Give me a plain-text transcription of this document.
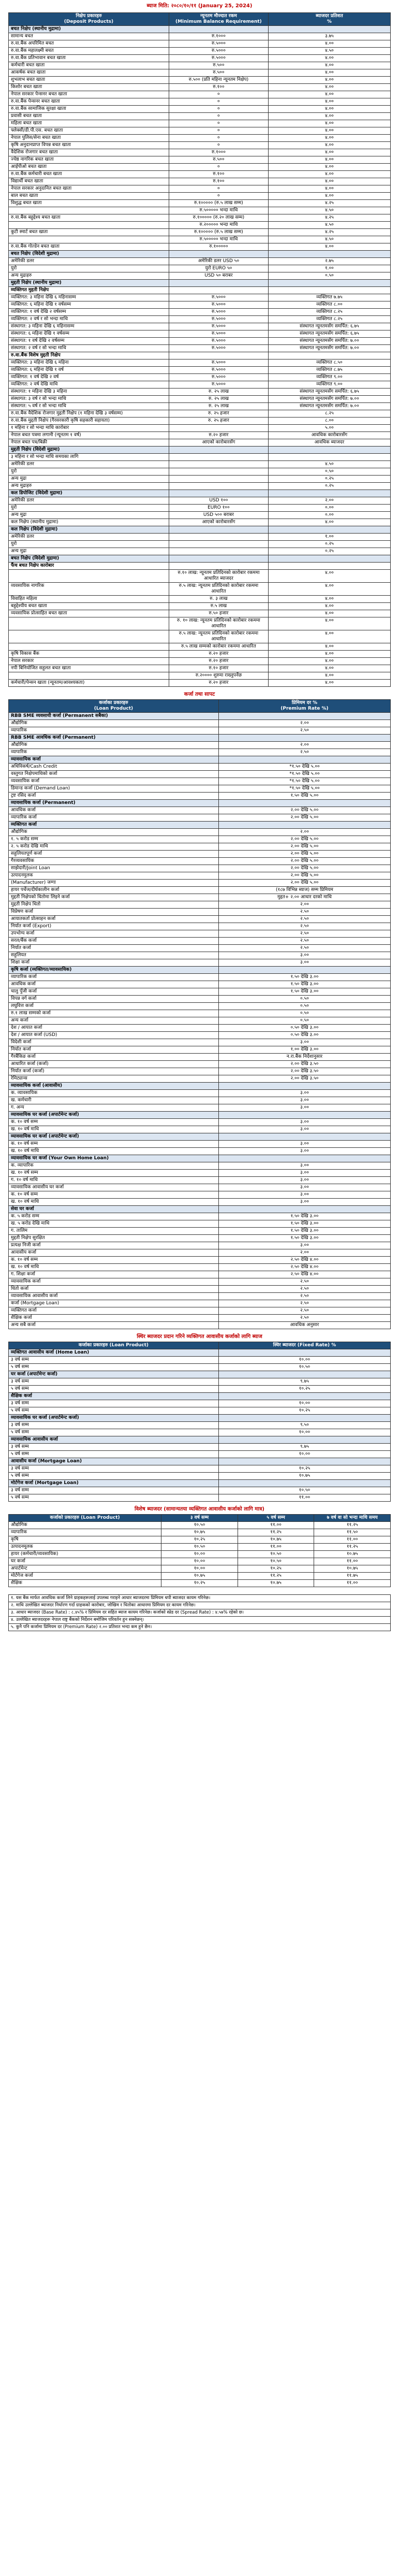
ब्याज मिति: २०८०/१०/११ (January 25, 2024)
निक्षेप प्रकारहरु
(Deposit Products)	न्यूनतम मौज्दात रकम
(Minimum Balance Requirement)	ब्याजदर प्रतिशत
%
बचत निक्षेप (स्थानीय मुद्रामा)		
सामान्य बचत	रु.१०००	३.७५
रु.वा.बैंक अपरिमित बचत	रु.५०००	४.००
रु.वा.बैंक महालक्ष्मी बचत	रु.५०००	४.५०
रु.वा.बैंक प्रतिभावान बचत खाता	रु.५०००	४.००
कर्मचारी बचत खाता	रु.५००	४.००
आकर्षक बचत खाता	रु.५००	४.००
शुभलाभ बचत खाता	रु.५०० (प्रति महिना न्यूनतम निक्षेप)	४.००
किशोर बचत खाता	रु.१००	४.००
नेपाल सरकार पेन्सनर बचत खाता	०	४.००
रु.वा.बैंक पेन्सनर बचत खाता	०	४.००
रु.वा.बैंक सामाजिक सुरक्षा खाता	०	४.००
प्रवासी बचत खाता	०	४.००
महिला बचत खाता	०	४.००
फ्लेक्सी/डी.पी.एस. बचत खाता	०	४.००
नेपाल पुलिस/सेना बचत खाता	०	४.००
कृषि अनुदानप्राप्त विपन्न बचत खाता	०	४.००
वैदेशिक रोजगार बचत खाता	रु.१०००	४.००
ज्येष्ठ नागरिक बचत खाता	रु.५००	४.००
आईपीओ बचत खाता	०	४.००
रु.वा.बैंक कर्मचारी बचत खाता	रु.१००	४.००
विद्यार्थी बचत खाता	रु.१००	४.००
नेपाल सरकार अनुदानित बचत खाता	०	४.००
बाल बचत खाता	०	४.००
विशुद्ध बचत खाता	रु.१००००० (रु.५ लाख सम्म)	४.२५
	रु.५००००० भन्दा माथि	४.५०
रु.वा.बैंक बहुद्देश्य बचत खाता	रु.१००००० (रु.२० लाख सम्म)	४.२५
	रु.२००००० भन्दा माथि	४.५०
कुटी स्मार्ट बचत खाता	रु.१००००० (रु.५ लाख सम्म)	४.२५
	रु.५००००० भन्दा माथि	४.५०
रु.वा.बैंक गोल्डेन बचत खाता	रु.१०००००	४.००
बचत निक्षेप (विदेशी मुद्रामा)		
अमेरिकी डलर	अमेरिकी डलर USD ५०	२.७५
युरो	युरो EURO ५०	१.००
अन्य मुद्राहरु	USD ५० बराबर	०.५०
मुद्दती निक्षेप (स्थानीय मुद्रामा)		
व्यक्तिगत मुद्दती निक्षेप		
व्यक्तिगत: ३ महिना देखि ६ महिनासम्म	रु.५०००	व्यक्तिगत ७.७५
व्यक्तिगत: ६ महिना देखि १ वर्षसम्म	रु.५०००	व्यक्तिगत ८.००
व्यक्तिगत: १ वर्ष देखि २ वर्षसम्म	रु.५०००	व्यक्तिगत ८.२५
व्यक्तिगत: २ वर्ष र सो भन्दा माथि	रु.५०००	व्यक्तिगत ८.२५
संस्थागत: ३ महिना देखि ६ महिनासम्म	रु.५०००	संस्थागत न्यूनतमसँग समर्पित: ६.७५
संस्थागत: ६ महिना देखि १ वर्षसम्म	रु.५०००	संस्थागत न्यूनतमसँग समर्पित: ६.७५
संस्थागत: १ वर्ष देखि २ वर्षसम्म	रु.५०००	संस्थागत न्यूनतमसँग समर्पित: ७.००
संस्थागत: २ वर्ष र सो भन्दा माथि	रु.५०००	संस्थागत न्यूनतमसँग समर्पित: ७.००
रु.वा.बैंक विशेष मुद्दती निक्षेप		
व्यक्तिगत: ३ महिना देखि ६ महिना	रु.५०००	व्यक्तिगत ८.५०
व्यक्तिगत: ६ महिना देखि १ वर्ष	रु.५०००	व्यक्तिगत ८.७५
व्यक्तिगत: १ वर्ष देखि २ वर्ष	रु.५०००	व्यक्तिगत ९.००
व्यक्तिगत: २ वर्ष देखि माथि	रु.५०००	व्यक्तिगत ९.००
संस्थागत: १ महिना देखि ३ महिना	रु. २५ लाख	संस्थागत न्यूनतमसँग समर्पित: ६.७५
संस्थागत: ३ वर्ष र सो भन्दा माथि	रु. २५ लाख	संस्थागत न्यूनतमसँग समर्पित: ७.००
संस्थागत: ५ वर्ष र सो भन्दा माथि	रु. २५ लाख	संस्थागत न्यूनतमसँग समर्पित: ७.००
रु.वा.बैंक वैदेशिक रोजगार मुद्दती निक्षेप (१ महिना देखि ३ वर्षसम्म)	रु. २५ हजार	८.२५
रु.वा.बैंक मुद्दती निक्षेप (गैरसरकारी कृषि सहकारी सहायता)	रु. २५ हजार	८.००
१ महिना र सो भन्दा माथि कारोबार		५.००
नेपाल बचत पत्रमा लगानी (न्यूनतम १ वर्ष)	रु.२० हजार	आवधिक कारोबारसँग
नेपाल बचत पत्र/बिक्री	आएको कारोबारसँग	आवधिक ब्याजदर
मुद्दती निक्षेप (विदेशी मुद्रामा)		
३ महिना र सो भन्दा माथि समयका लागि		
अमेरिकी डलर		४.५०
युरो		०.५०
अन्य मुद्रा		०.२५
अन्य मुद्राहरु		०.२५
कल डिपोजिट (विदेशी मुद्रामा)		
अमेरिकी डलर	USD १००	२.००
युरो	EURO १००	०.००
अन्य मुद्रा	USD ५०० बराबर	०.००
कल निक्षेप (स्थानीय मुद्रामा)	आएको कारोबारसँग	४.००
कल निक्षेप (विदेशी मुद्रामा)		
अमेरिकी डलर		१.००
युरो		०.२५
अन्य मुद्रा		०.२५
बचत निक्षेप (विदेशी मुद्रामा)		
फैंच बचत निक्षेप कारोबार		
	रु.१० लाख: न्यूनतम प्रतिदिनको कारोबार रकममा आधारित ब्याजदर	४.००
व्यवसायिक नागरिक	रु.५ लाख: न्यूनतम प्रतिदिनको कारोबार रकममा आधारित	४.००
विवाहित महिला	रु. ३ लाख	४.००
बहुद्देश्यीय बचत खाता	रु.५ लाख	४.००
व्यवसायिक प्रोत्साहित बचत खाता	रु.५० हजार	४.००
	रु. १० लाख: न्यूनतम प्रतिदिनको कारोबार रकममा आधारित	४.००
	रु.५ लाख: न्यूनतम प्रतिदिनको कारोबार रकममा आधारित	४.००
	रु.५ लाख सम्मको कारोबार रकममा आधारित	४.००
कृषि विकास बैंक	रु.२० हजार	४.००
नेपाल सरकार	रु.२० हजार	४.००
नपी बिनियोजित सहुलत बचत खाता	रु.१० हजार	४.००
	रु.२०००० शुरुमा राख्नुपर्नेछ	४.००
कर्मचारी/पेन्सन खाता (न्यूनतम/आवश्यकता)	रु.२० हजार	४.००
कर्जा तथा सापट
कर्जाका प्रकारहरु
(Loan Product)	प्रिमियम दर %
(Premium Rate %)
RBB SME व्यवसायी कर्जा (Permanent सबैका)	
औद्योगिक	२.००
व्यापारिक	२.५०
RBB SME आवधिक कर्जा (Permanent)	
औद्योगिक	२.००
व्यापारिक	२.५०
व्यावसायिक कर्जा	
अधिविकर्ष/Cash Credit	*१.५० देखि ५.००
वस्तुगत निक्षेपमाथिको कर्जा	*१.५० देखि ५.००
व्यवसायिक कर्जा	*१.५० देखि ५.००
डिमान्ड कर्जा (Demand Loan)	*१.५० देखि ५.००
ट्रष्ट रसिद कर्जा	१.५० देखि ५.००
व्यावसायिक कर्जा (Permanent)	
आवधिक कर्जा	२.०० देखि ५.००
व्यापारिक कर्जा	२.०० देखि ५.००
व्यक्तिगत कर्जा	
औद्योगिक	२.००
१. ५ करोड सम्म	२.०० देखि ५.००
२. ५ करोड देखि माथि	२.०० देखि ५.००
सहुलियतपूर्ण कर्जा	२.०० देखि ५.००
गैरव्यवसायिक	२.०० देखि ५.००
साझेदारी/Joint Loan	२.०० देखि ५.००
उत्पादनमुलक	२.०० देखि ५.००
(Manufacturer) जग्गा	२.०० देखि ५.००
हायर पर्चेज/दीर्घकालीन कर्जा	(१८७ विभिन्न ब्याज) सम्म प्रिमियम
मुद्दती निक्षेपको धितोमा लिइने कर्जा	मुद्दत+ २.०० आधार दरको माथि
मुद्दती निक्षेप धितो	२.००
विप्रेषण कर्जा	२.५०
आयातकर्ता प्रोत्साहन कर्जा	२.५०
निर्यात कर्जा (Export)	२.५०
उपभोग्य कर्जा	२.५०
सरल/बैंक कर्जा	२.५०
निर्यात कर्जा	२.५०
सहुलियत	३.००
शिक्षा कर्जा	३.००
कृषि कर्जा (व्यक्तिगत/व्यावसायिक)	
व्यापारिक कर्जा	१.५० देखि ३.००
आवधिक कर्जा	१.५० देखि ३.००
चालु पुँजी कर्जा	१.५० देखि ३.००
विपन्न वर्ग कर्जा	०.५०
लघुवित्त कर्जा	०.५०
रु.१ लाख सम्मको कर्जा	०.५०
अन्य कर्जा	०.५०
देश / आयात कर्जा	०.५० देखि ३.००
देश / आयात कर्जा (USD)	०.५० देखि ३.००
विदेशी कर्जा	३.००
निर्यात कर्जा	१.०० देखि ३.००
गैरबैंकिङ कर्जा	न.रा.बैंक निर्देशानुसार
आधारित कर्जा (कर्जा)	२.०० देखि ३.५०
निर्यात कर्जा (कर्जा)	२.०० देखि ३.५०
रेमिट्यान्स	२.०० देखि ३.५०
व्यावसायिक कर्जा (आवासीय)	
क. व्यावसायिक	३.००
ख. कर्मचारी	३.००
ग. अन्य	३.००
व्यावसायिक घर कर्जा (अपार्टमेन्ट कर्जा)	
क. १० वर्ष सम्म	३.००
ख. १० वर्ष माथि	३.००
व्यावसायिक घर कर्जा (अपार्टमेन्ट कर्जा)	
क. १० वर्ष सम्म	३.००
ख. १० वर्ष माथि	३.००
व्यावसायिक घर कर्जा (Your Own Home Loan)	
क. व्यापारिक	३.००
ख. १० वर्ष सम्म	३.००
ग. १० वर्ष माथि	३.००
व्यावसायिक आवासीय घर कर्जा	३.००
क. १० वर्ष सम्म	३.००
ख. १० वर्ष माथि	३.००
सेवा घर कर्जा	
क. ५ करोड सम्म	१.५० देखि ३.००
ख. ५ करोड देखि माथि	१.५० देखि ३.००
ग. तालिम	१.५० देखि ३.००
मुद्दती निक्षेप सुरक्षित	१.५० देखि ३.००
प्रत्यक्ष निजी कर्जा	३.००
आवासीय कर्जा	२.००
क. १० वर्ष सम्म	२.५० देखि ४.००
ख. १० वर्ष माथि	२.५० देखि ४.००
ग. शिक्षा कर्जा	२.५० देखि ४.००
व्यावसायिक कर्जा	२.५०
धितो कर्जा	२.५०
व्यावसायिक आवासीय कर्जा	२.५०
कर्जा (Mortgage Loan)	२.५०
व्यक्तिगत कर्जा	२.५०
शैक्षिक कर्जा	२.५०
अन्य सबै कर्जा	आवधिक अनुसार
स्थिर ब्याजदर प्रदान गरिने व्यक्तिगत आवासीय कर्जाको लागि ब्याज
कर्जाका प्रकारहरु (Loan Product)	स्थिर ब्याजदर (Fixed Rate) %
व्यक्तिगत आवासीय कर्जा (Home Loan)	
३ वर्ष सम्म	१०.००
५ वर्ष सम्म	१०.५०
घर कर्जा (अपार्टमेन्ट कर्जा)	
३ वर्ष सम्म	९.७५
५ वर्ष सम्म	१०.२५
शैक्षिक कर्जा	
३ वर्ष सम्म	१०.००
५ वर्ष सम्म	१०.२५
व्यावसायिक घर कर्जा (अपार्टमेन्ट कर्जा)	
३ वर्ष सम्म	९.५०
५ वर्ष सम्म	१०.००
व्यावसायिक आवासीय कर्जा	
३ वर्ष सम्म	९.७५
५ वर्ष सम्म	१०.००
आवासीय कर्जा (Mortgage Loan)	
३ वर्ष सम्म	१०.२५
५ वर्ष सम्म	१०.७५
मोर्टगेज कर्जा (Mortgage Loan)	
३ वर्ष सम्म	१०.५०
५ वर्ष सम्म	११.००
विशेष ब्याजदर (सामान्यतया व्यक्तिगत आवासीय कर्जाको लागि मात्र)
कर्जाको प्रकारहरु (Loan Product)	३ वर्ष सम्म	५ वर्ष सम्म	७ वर्ष वा सो भन्दा माथि समय
औद्योगिक	१०.५०	११.००	११.२५
व्यापारिक	१०.७५	११.२५	११.५०
कृषि	१०.२५	१०.७५	११.००
उत्पादनमूलक	१०.५०	११.००	११.२५
हायर (कर्मचारी/व्यवसायिक)	१०.००	१०.५०	१०.७५
घर कर्जा	१०.००	१०.५०	११.००
अपार्टमेन्ट	१०.००	१०.२५	१०.७५
मोर्टगेज कर्जा	१०.७५	११.२५	११.७५
शैक्षिक	१०.२५	१०.७५	११.००
१. यस बैंक मार्फत आवधिक कर्जा लिने ग्राहकहरूलाई उपलब्ध गराइने आधार ब्याजदरमा प्रिमियम थपी ब्याजदर कायम गरिनेछ।
२. माथि उल्लेखित ब्याजदर निर्धारण गर्दा ग्राहकको कारोबार, जोखिम र धितोका आधारमा प्रिमियम दर कायम गरिनेछ।
३. आधार ब्याजदर (Base Rate) : ८.४५% र प्रिमियम दर सहित ब्याज कायम गरिनेछ। कर्जाको स्प्रेड दर (Spread Rate) : ४.५७% रहेको छ।
४. उल्लेखित ब्याजदरहरू नेपाल राष्ट्र बैंकको निर्देशन बमोजिम परिवर्तन हुन सक्नेछन्।
५. कुनै पनि कर्जामा प्रिमियम दर (Premium Rate) २.०० प्रतिशत भन्दा कम हुने छैन।
